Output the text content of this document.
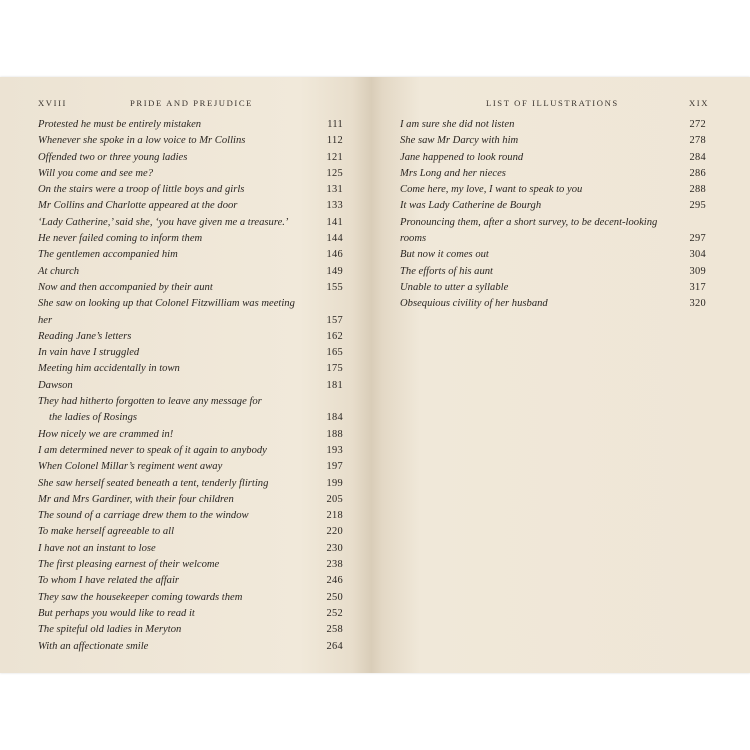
XVIII	PRIDE AND PREJUDICE
Protested he must be entirely mistaken	111
Whenever she spoke in a low voice to Mr Collins	112
Offended two or three young ladies	121
Will you come and see me?	125
On the stairs were a troop of little boys and girls	131
Mr Collins and Charlotte appeared at the door	133
‘Lady Catherine,’ said she, ‘you have given me a treasure.’	141
He never failed coming to inform them	144
The gentlemen accompanied him	146
At church	149
Now and then accompanied by their aunt	155
She saw on looking up that Colonel Fitzwilliam was meeting her	157
Reading Jane’s letters	162
In vain have I struggled	165
Meeting him accidentally in town	175
Dawson	181
They had hitherto forgotten to leave any message for
the ladies of Rosings	184
How nicely we are crammed in!	188
I am determined never to speak of it again to anybody	193
When Colonel Millar’s regiment went away	197
She saw herself seated beneath a tent, tenderly flirting	199
Mr and Mrs Gardiner, with their four children	205
The sound of a carriage drew them to the window	218
To make herself agreeable to all	220
I have not an instant to lose	230
The first pleasing earnest of their welcome	238
To whom I have related the affair	246
They saw the housekeeper coming towards them	250
But perhaps you would like to read it	252
The spiteful old ladies in Meryton	258
With an affectionate smile	264
LIST OF ILLUSTRATIONS	XIX
I am sure she did not listen	272
She saw Mr Darcy with him	278
Jane happened to look round	284
Mrs Long and her nieces	286
Come here, my love, I want to speak to you	288
It was Lady Catherine de Bourgh	295
Pronouncing them, after a short survey, to be decent-looking rooms	297
But now it comes out	304
The efforts of his aunt	309
Unable to utter a syllable	317
Obsequious civility of her husband	320
